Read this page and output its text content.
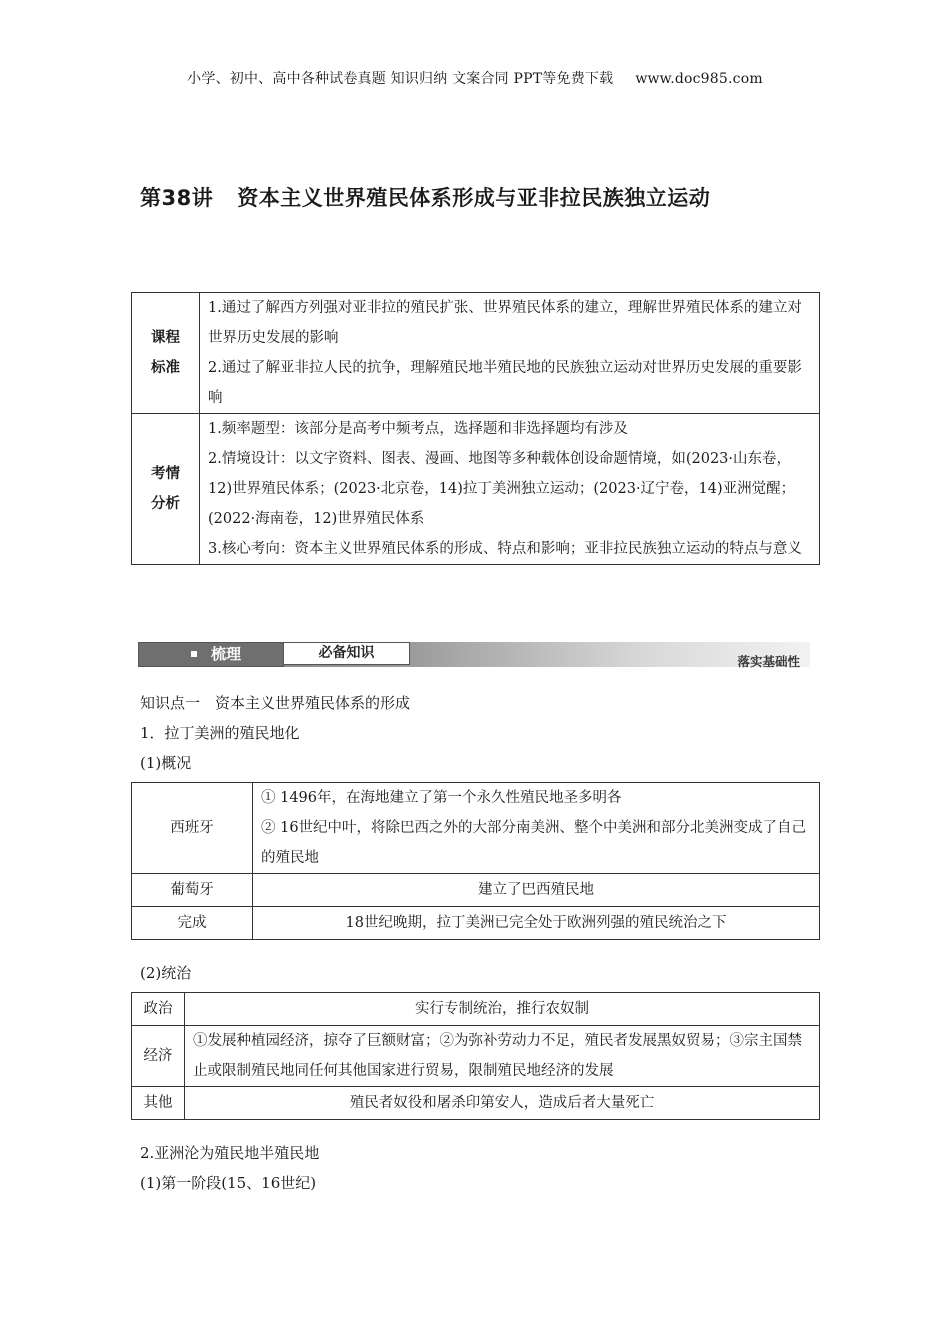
小学、初中、高中各种试卷真题 知识归纳 文案合同 PPT等免费下载 www.doc985.com
第38讲 资本主义世界殖民体系形成与亚非拉民族独立运动
课程标准	1.通过了解西方列强对亚非拉的殖民扩张、世界殖民体系的建立，理解世界殖民体系的建立对世界历史发展的影响
2.通过了解亚非拉人民的抗争，理解殖民地半殖民地的民族独立运动对世界历史发展的重要影响

考情分析	1.频率题型：该部分是高考中频考点，选择题和非选择题均有涉及
2.情境设计：以文字资料、图表、漫画、地图等多种载体创设命题情境，如(2023·山东卷，12)世界殖民体系；(2023·北京卷，14)拉丁美洲独立运动；(2023·辽宁卷，14)亚洲觉醒；(2022·海南卷，12)世界殖民体系
3.核心考向：资本主义世界殖民体系的形成、特点和影响；亚非拉民族独立运动的特点与意义
梳理	必备知识
落实基础性
知识点一　资本主义世界殖民体系的形成
1．拉丁美洲的殖民地化
(1)概况
西班牙	① 1496年，在海地建立了第一个永久性殖民地圣多明各
② 16世纪中叶，将除巴西之外的大部分南美洲、整个中美洲和部分北美洲变成了自己的殖民地

葡萄牙	建立了巴西殖民地
完成	18世纪晚期，拉丁美洲已完全处于欧洲列强的殖民统治之下
(2)统治
政治	实行专制统治，推行农奴制
经济	①发展种植园经济，掠夺了巨额财富；②为弥补劳动力不足，殖民者发展黑奴贸易；③宗主国禁止或限制殖民地同任何其他国家进行贸易，限制殖民地经济的发展
其他	殖民者奴役和屠杀印第安人，造成后者大量死亡
2.亚洲沦为殖民地半殖民地
(1)第一阶段(15、16世纪)
